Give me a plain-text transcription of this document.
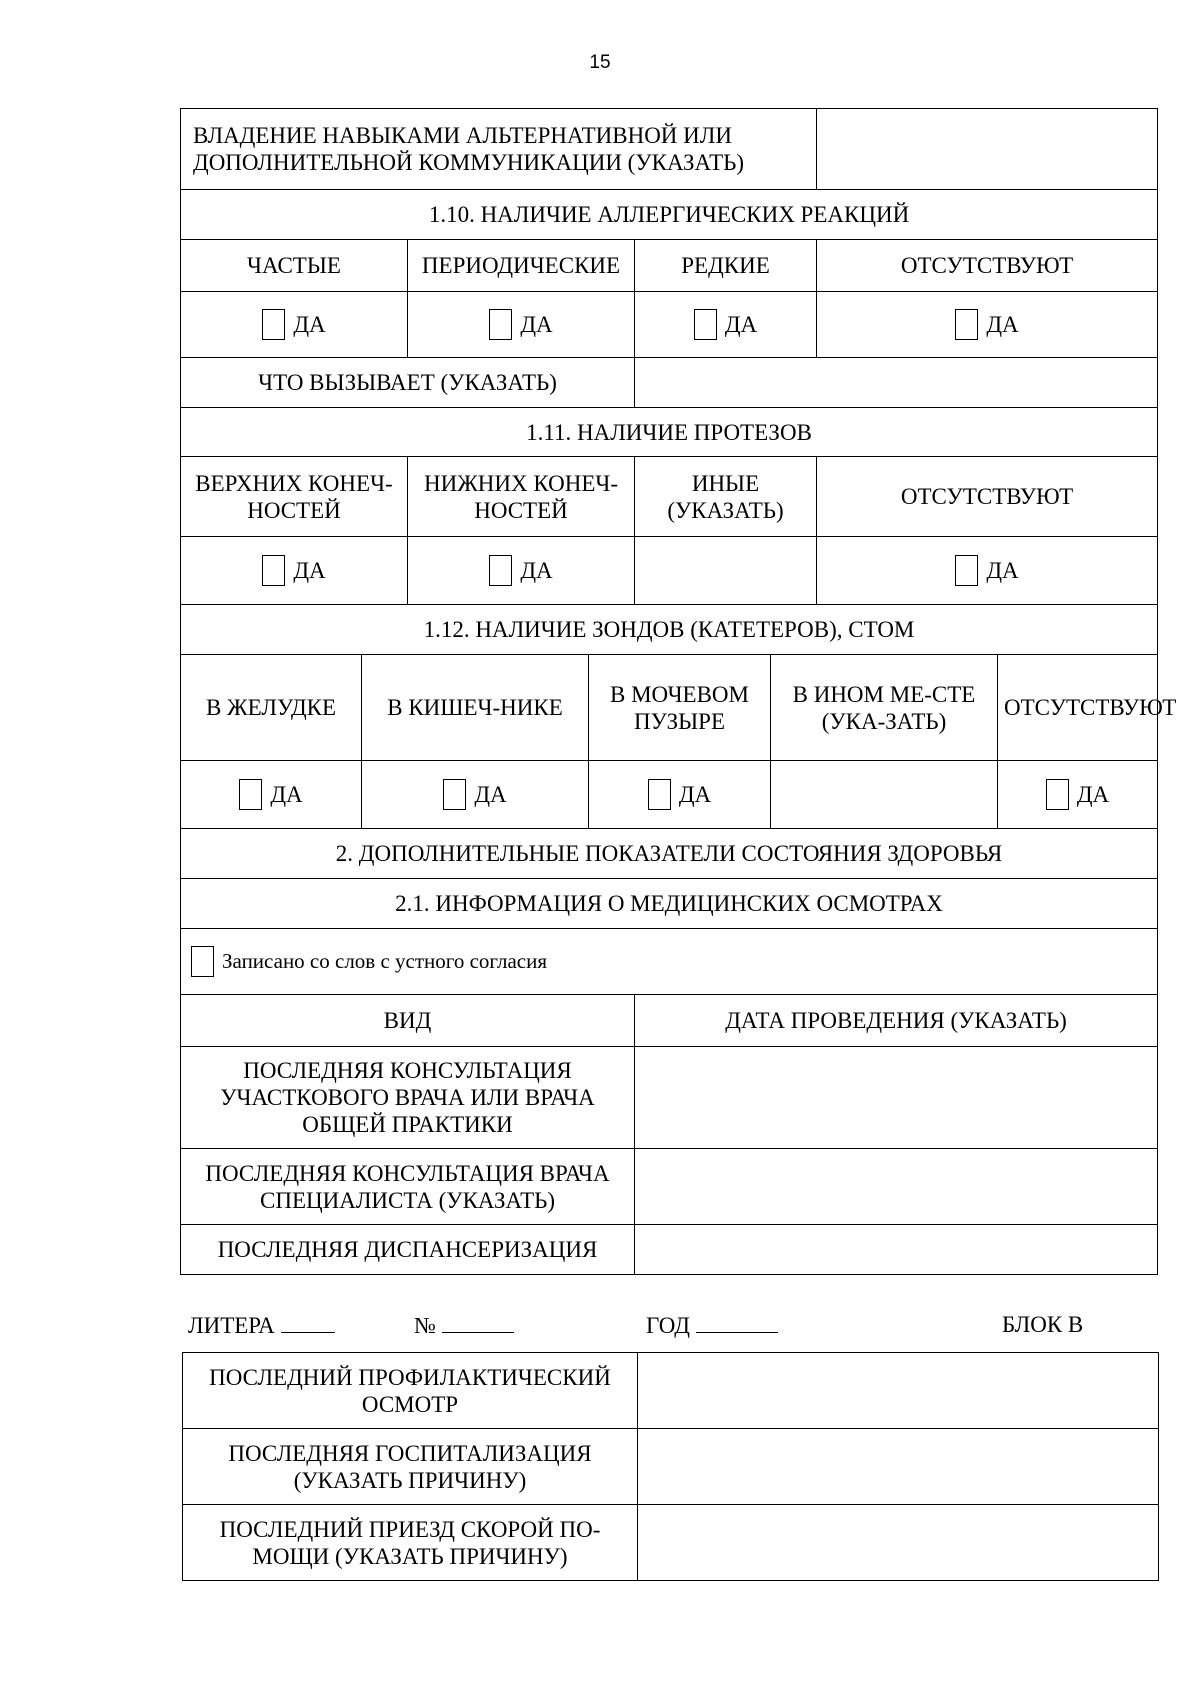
15
ВЛАДЕНИЕ НАВЫКАМИ АЛЬТЕРНАТИВНОЙ ИЛИ ДОПОЛНИТЕЛЬНОЙ КОММУНИКАЦИИ (УКАЗАТЬ)							
1.10. НАЛИЧИЕ АЛЛЕРГИЧЕСКИХ РЕАКЦИЙ							
ЧАСТЫЕ		ПЕРИОДИЧЕСКИЕ		РЕДКИЕ		ОТСУТСТВУЮТ	
ДА		ДА		ДА		ДА	
ЧТО ВЫЗЫВАЕТ (УКАЗАТЬ)							
1.11. НАЛИЧИЕ ПРОТЕЗОВ							
ВЕРХНИХ КОНЕЧ-НОСТЕЙ		НИЖНИХ КОНЕЧ-НОСТЕЙ		ИНЫЕ (УКАЗАТЬ)		ОТСУТСТВУЮТ	
ДА		ДА				ДА	
1.12. НАЛИЧИЕ ЗОНДОВ (КАТЕТЕРОВ), СТОМ							
В ЖЕЛУДКЕ	В КИШЕЧ-НИКЕ		В МОЧЕВОМ ПУЗЫРЕ		В ИНОМ МЕ-СТЕ (УКА-ЗАТЬ)		ОТСУТСТВУЮТ
ДА	ДА		ДА				ДА
2. ДОПОЛНИТЕЛЬНЫЕ ПОКАЗАТЕЛИ СОСТОЯНИЯ ЗДОРОВЬЯ							
2.1. ИНФОРМАЦИЯ О МЕДИЦИНСКИХ ОСМОТРАХ							

Записано со слов с устного согласия							

ВИД				ДАТА ПРОВЕДЕНИЯ (УКАЗАТЬ)			
ПОСЛЕДНЯЯ КОНСУЛЬТАЦИЯ УЧАСТКОВОГО ВРАЧА ИЛИ ВРАЧА ОБЩЕЙ ПРАКТИКИ							
ПОСЛЕДНЯЯ КОНСУЛЬТАЦИЯ ВРАЧА СПЕЦИАЛИСТА (УКАЗАТЬ)							
ПОСЛЕДНЯЯ ДИСПАНСЕРИЗАЦИЯ							
ЛИТЕРА	№	ГОД	БЛОК В
ПОСЛЕДНИЙ ПРОФИЛАКТИЧЕСКИЙ ОСМОТР	
ПОСЛЕДНЯЯ ГОСПИТАЛИЗАЦИЯ (УКАЗАТЬ ПРИЧИНУ)	
ПОСЛЕДНИЙ ПРИЕЗД СКОРОЙ ПО-МОЩИ (УКАЗАТЬ ПРИЧИНУ)	
